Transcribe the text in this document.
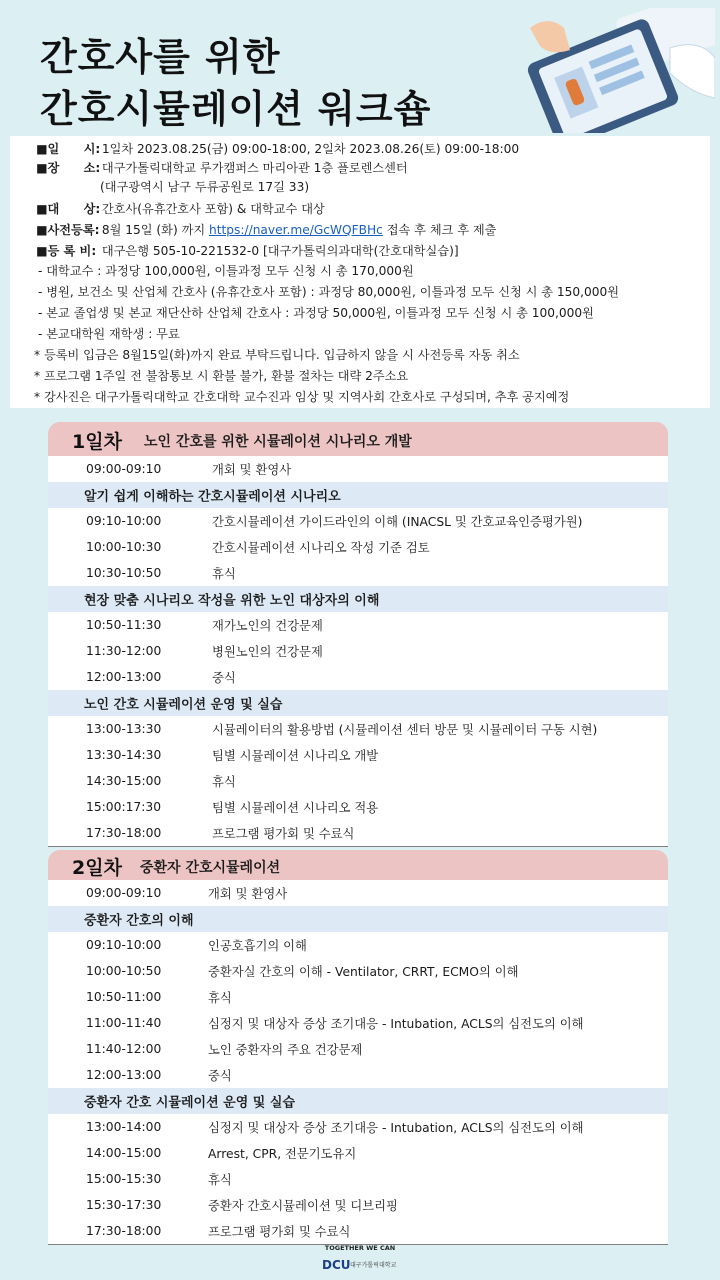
간호사를 위한
간호시뮬레이션 워크숍
■일　　시: 1일차 2023.08.25(금) 09:00-18:00, 2일차 2023.08.26(토) 09:00-18:00
■장　　소: 대구가톨릭대학교 루가캠퍼스 마리아관 1층 플로렌스센터
(대구광역시 남구 두류공원로 17길 33)
■대　　상: 간호사(유휴간호사 포함) & 대학교수 대상
■사전등록: 8월 15일 (화) 까지 https://naver.me/GcWQFBHc 접속 후 체크 후 제출
■등 록 비: 대구은행 505-10-221532-0 [대구가톨릭의과대학(간호대학실습)]
- 대학교수 : 과정당 100,000원, 이틀과정 모두 신청 시 총 170,000원
- 병원, 보건소 및 산업체 간호사 (유휴간호사 포함) : 과정당 80,000원, 이틀과정 모두 신청 시 총 150,000원
- 본교 졸업생 및 본교 재단산하 산업체 간호사 : 과정당 50,000원, 이틀과정 모두 신청 시 총 100,000원
- 본교대학원 재학생 : 무료
* 등록비 입금은 8월15일(화)까지 완료 부탁드립니다. 입금하지 않을 시 사전등록 자동 취소
* 프로그램 1주일 전 불참통보 시 환불 불가, 환불 절차는 대략 2주소요
* 강사진은 대구가톨릭대학교 간호대학 교수진과 임상 및 지역사회 간호사로 구성되며, 추후 공지예정
1일차 노인 간호를 위한 시뮬레이션 시나리오 개발
09:00-09:10	개회 및 환영사
알기 쉽게 이해하는 간호시뮬레이션 시나리오
09:10-10:00	간호시뮬레이션 가이드라인의 이해 (INACSL 및 간호교육인증평가원)
10:00-10:30	간호시뮬레이션 시나리오 작성 기준 검토
10:30-10:50	휴식
현장 맞춤 시나리오 작성을 위한 노인 대상자의 이해
10:50-11:30	재가노인의 건강문제
11:30-12:00	병원노인의 건강문제
12:00-13:00	중식
노인 간호 시뮬레이션 운영 및 실습
13:00-13:30	시뮬레이터의 활용방법 (시뮬레이션 센터 방문 및 시뮬레이터 구동 시현)
13:30-14:30	팀별 시뮬레이션 시나리오 개발
14:30-15:00	휴식
15:00:17:30	팀별 시뮬레이션 시나리오 적용
17:30-18:00	프로그램 평가회 및 수료식
2일차 중환자 간호시뮬레이션
09:00-09:10	개회 및 환영사
중환자 간호의 이해
09:10-10:00	인공호흡기의 이해
10:00-10:50	중환자실 간호의 이해 - Ventilator, CRRT, ECMO의 이해
10:50-11:00	휴식
11:00-11:40	심정지 및 대상자 증상 조기대응 - Intubation, ACLS의 심전도의 이해
11:40-12:00	노인 중환자의 주요 건강문제
12:00-13:00	중식
중환자 간호 시뮬레이션 운영 및 실습
13:00-14:00	심정지 및 대상자 증상 조기대응 - Intubation, ACLS의 심전도의 이해
14:00-15:00	Arrest, CPR, 전문기도유지
15:00-15:30	휴식
15:30-17:30	중환자 간호시뮬레이션 및 디브리핑
17:30-18:00	프로그램 평가회 및 수료식
TOGETHER WE CAN
DCU 대구가톨릭대학교
